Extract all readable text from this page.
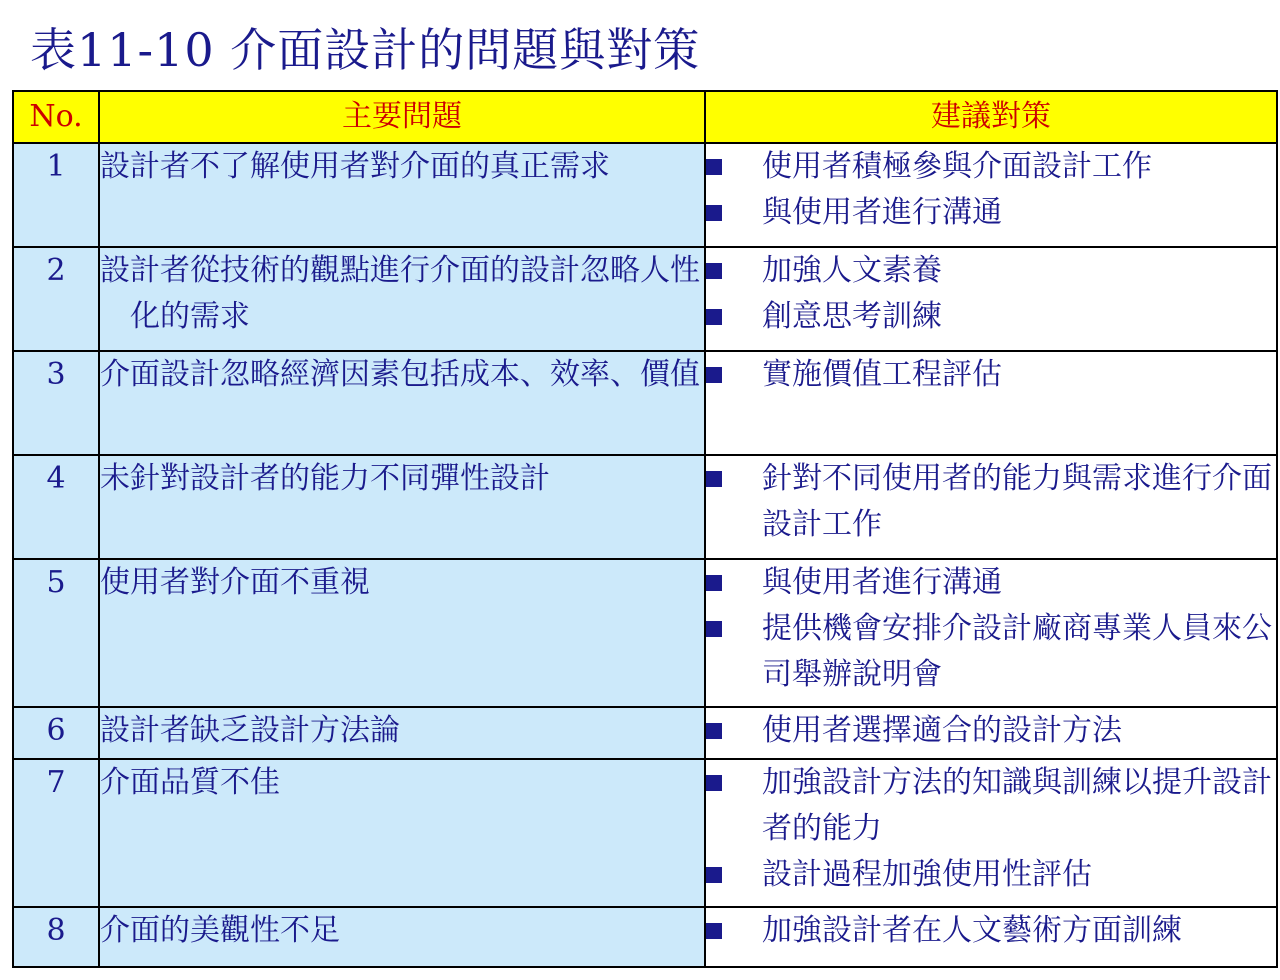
表11-10 介面設計的問題與對策
No.	主要問題	建議對策
1	設計者不了解使用者對介面的真正需求	使用者積極參與介面設計工作
與使用者進行溝通

2	設計者從技術的觀點進行介面的設計忽略人性化的需求	加強人文素養
創意思考訓練

3	介面設計忽略經濟因素包括成本、效率、價值	實施價值工程評估

4	未針對設計者的能力不同彈性設計	針對不同使用者的能力與需求進行介面設計工作

5	使用者對介面不重視	與使用者進行溝通
提供機會安排介設計廠商專業人員來公司舉辦說明會

6	設計者缺乏設計方法論	使用者選擇適合的設計方法

7	介面品質不佳	加強設計方法的知識與訓練以提升設計者的能力
設計過程加強使用性評估

8	介面的美觀性不足	加強設計者在人文藝術方面訓練
